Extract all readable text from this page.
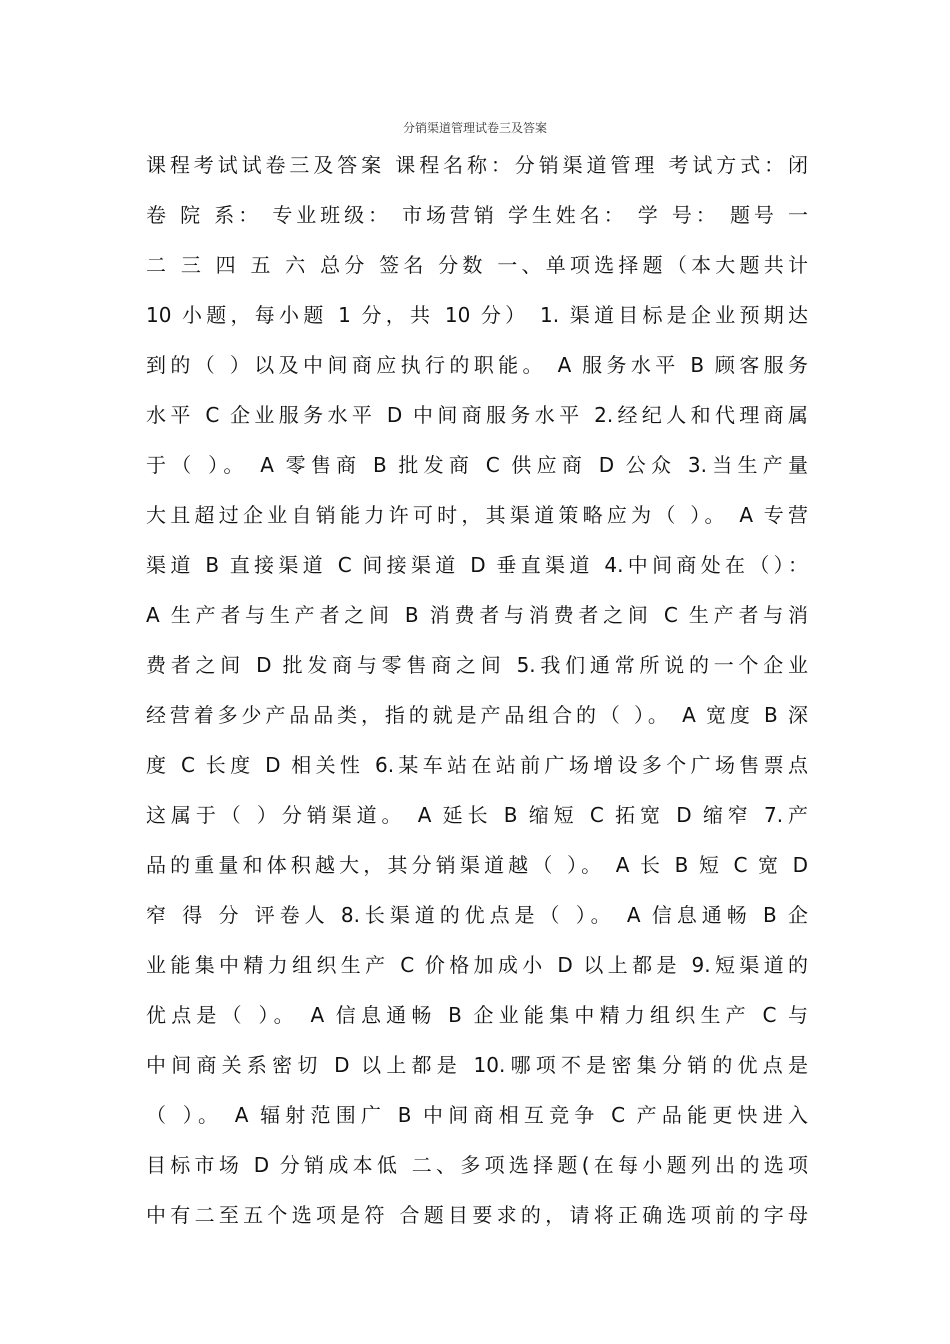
分销渠道管理试卷三及答案
课程考试试卷三及答案 课程名称：分销渠道管理 考试方式：闭
卷 院 系： 专业班级： 市场营销 学生姓名： 学 号： 题号 一
二 三 四 五 六 总分 签名 分数 一、单项选择题（本大题共计
10 小题，每小题 1 分，共 10 分） 1. 渠道目标是企业预期达
到的（ ）以及中间商应执行的职能。 A 服务水平 B 顾客服务
水平 C 企业服务水平 D 中间商服务水平 2.经纪人和代理商属
于（ ）。 A 零售商 B 批发商 C 供应商 D 公众 3.当生产量
大且超过企业自销能力许可时，其渠道策略应为（ ）。 A 专营
渠道 B 直接渠道 C 间接渠道 D 垂直渠道 4.中间商处在（）：
A 生产者与生产者之间 B 消费者与消费者之间 C 生产者与消
费者之间 D 批发商与零售商之间 5.我们通常所说的一个企业
经营着多少产品品类，指的就是产品组合的（ ）。 A 宽度 B 深
度 C 长度 D 相关性 6.某车站在站前广场增设多个广场售票点
这属于（ ）分销渠道。 A 延长 B 缩短 C 拓宽 D 缩窄 7.产
品的重量和体积越大，其分销渠道越（ ）。 A 长 B 短 C 宽 D
窄 得 分 评卷人 8.长渠道的优点是（ ）。 A 信息通畅 B 企
业能集中精力组织生产 C 价格加成小 D 以上都是 9.短渠道的
优点是（ ）。 A 信息通畅 B 企业能集中精力组织生产 C 与
中间商关系密切 D 以上都是 10.哪项不是密集分销的优点是
（ ）。 A 辐射范围广 B 中间商相互竞争 C 产品能更快进入
目标市场 D 分销成本低 二、多项选择题(在每小题列出的选项
中有二至五个选项是符 合题目要求的，请将正确选项前的字母
